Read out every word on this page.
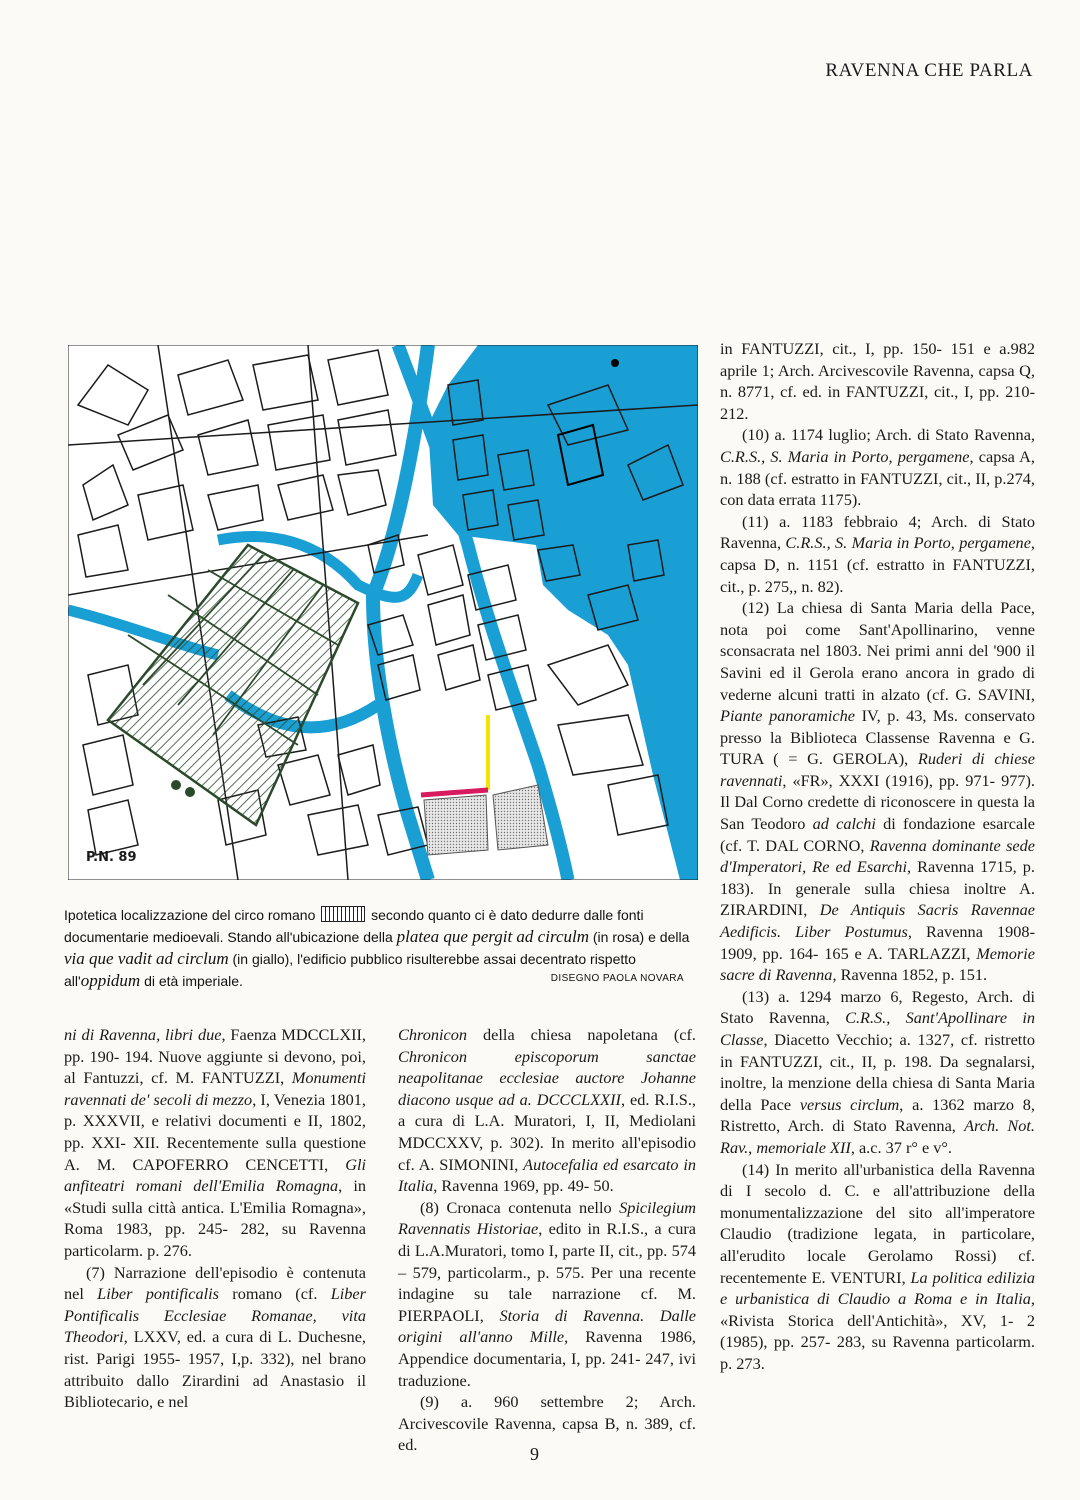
RAVENNA CHE PARLA
P.N. 89
Ipotetica localizzazione del circo romano	secondo quanto ci è dato dedurre dalle fonti documentarie medioevali. Stando all'ubicazione della platea que pergit ad circulm (in rosa) e della via que vadit ad circlum (in giallo), l'edificio pubblico risulterebbe assai decentrato rispetto all'oppidum di età imperiale.	DISEGNO PAOLA NOVARA

ni di Ravenna, libri due, Faenza MDCCLXII, pp. 190- 194. Nuove aggiunte si devono, poi, al Fantuzzi, cf. M. FANTUZZI, Monumenti ravennati de' secoli di mezzo, I, Venezia 1801, p. XXXVII, e relativi documenti e II, 1802, pp. XXI- XII. Recentemente sulla questione A. M. CAPOFERRO CENCETTI, Gli anfiteatri romani dell'Emilia Romagna, in «Studi sulla città antica. L'Emilia Romagna», Roma 1983, pp. 245- 282, su Ravenna particolarm. p. 276.

(7) Narrazione dell'episodio è contenuta nel Liber pontificalis romano (cf. Liber Pontificalis Ecclesiae Romanae, vita Theodori, LXXV, ed. a cura di L. Duchesne, rist. Parigi 1955- 1957, I,p. 332), nel brano attribuito dallo Zirardini ad Anastasio il Bibliotecario, e nel

Chronicon della chiesa napoletana (cf. Chronicon episcoporum sanctae neapolitanae ecclesiae auctore Johanne diacono usque ad a. DCCCLXXII, ed. R.I.S., a cura di L.A. Muratori, I, II, Mediolani MDCCXXV, p. 302). In merito all'episodio cf. A. SIMONINI, Autocefalia ed esarcato in Italia, Ravenna 1969, pp. 49- 50.

(8) Cronaca contenuta nello Spicilegium Ravennatis Historiae, edito in R.I.S., a cura di L.A.Muratori, tomo I, parte II, cit., pp. 574 – 579, particolarm., p. 575. Per una recente indagine su tale narrazione cf. M. PIERPAOLI, Storia di Ravenna. Dalle origini all'anno Mille, Ravenna 1986, Appendice documentaria, I, pp. 241- 247, ivi traduzione.

(9) a. 960 settembre 2; Arch. Arcivescovile Ravenna, capsa B, n. 389, cf. ed.

in FANTUZZI, cit., I, pp. 150- 151 e a.982 aprile 1; Arch. Arcivescovile Ravenna, capsa Q, n. 8771, cf. ed. in FANTUZZI, cit., I, pp. 210- 212.

(10) a. 1174 luglio; Arch. di Stato Ravenna, C.R.S., S. Maria in Porto, pergamene, capsa A, n. 188 (cf. estratto in FANTUZZI, cit., II, p.274, con data errata 1175).

(11) a. 1183 febbraio 4; Arch. di Stato Ravenna, C.R.S., S. Maria in Porto, pergamene, capsa D, n. 1151 (cf. estratto in FANTUZZI, cit., p. 275,, n. 82).

(12) La chiesa di Santa Maria della Pace, nota poi come Sant'Apollinarino, venne sconsacrata nel 1803. Nei primi anni del '900 il Savini ed il Gerola erano ancora in grado di vederne alcuni tratti in alzato (cf. G. SAVINI, Piante panoramiche IV, p. 43, Ms. conservato presso la Biblioteca Classense Ravenna e G. TURA ( = G. GEROLA), Ruderi di chiese ravennati, «FR», XXXI (1916), pp. 971- 977). Il Dal Corno credette di riconoscere in questa la San Teodoro ad calchi di fondazione esarcale (cf. T. DAL CORNO, Ravenna dominante sede d'Imperatori, Re ed Esarchi, Ravenna 1715, p. 183). In generale sulla chiesa inoltre A. ZIRARDINI, De Antiquis Sacris Ravennae Aedificis. Liber Postumus, Ravenna 1908- 1909, pp. 164- 165 e A. TARLAZZI, Memorie sacre di Ravenna, Ravenna 1852, p. 151.

(13) a. 1294 marzo 6, Regesto, Arch. di Stato Ravenna, C.R.S., Sant'Apollinare in Classe, Diacetto Vecchio; a. 1327, cf. ristretto in FANTUZZI, cit., II, p. 198. Da segnalarsi, inoltre, la menzione della chiesa di Santa Maria della Pace versus circlum, a. 1362 marzo 8, Ristretto, Arch. di Stato Ravenna, Arch. Not. Rav., memoriale XII, a.c. 37 r° e v°.

(14) In merito all'urbanistica della Ravenna di I secolo d. C. e all'attribuzione della monumentalizzazione del sito all'imperatore Claudio (tradizione legata, in particolare, all'erudito locale Gerolamo Rossi) cf. recentemente E. VENTURI, La politica edilizia e urbanistica di Claudio a Roma e in Italia, «Rivista Storica dell'Antichità», XV, 1- 2 (1985), pp. 257- 283, su Ravenna particolarm. p. 273.

9
